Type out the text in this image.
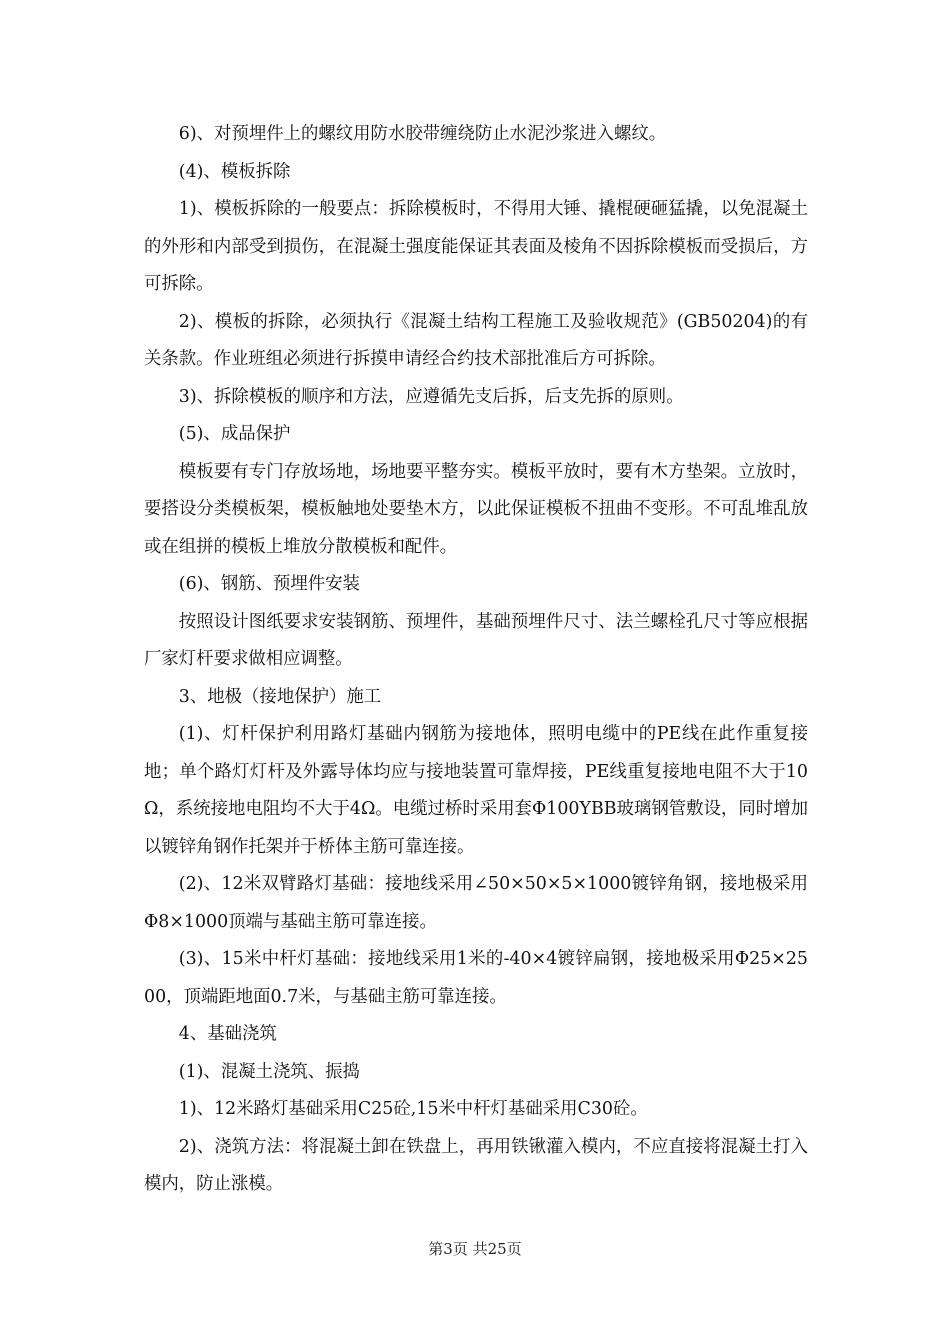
6)、对预埋件上的螺纹用防水胶带缠绕防止水泥沙浆进入螺纹。

(4)、模板拆除

1)、模板拆除的一般要点：拆除模板时，不得用大锤、撬棍硬砸猛撬，以免混凝土的外形和内部受到损伤，在混凝土强度能保证其表面及棱角不因拆除模板而受损后，方可拆除。

2)、模板的拆除，必须执行《混凝土结构工程施工及验收规范》(GB50204)的有关条款。作业班组必须进行拆摸申请经合约技术部批准后方可拆除。

3)、拆除模板的顺序和方法，应遵循先支后拆，后支先拆的原则。

(5)、成品保护

模板要有专门存放场地，场地要平整夯实。模板平放时，要有木方垫架。立放时，要搭设分类模板架，模板触地处要垫木方，以此保证模板不扭曲不变形。不可乱堆乱放或在组拼的模板上堆放分散模板和配件。

(6)、钢筋、预埋件安装

按照设计图纸要求安装钢筋、预埋件，基础预埋件尺寸、法兰螺栓孔尺寸等应根据厂家灯杆要求做相应调整。

3、地极（接地保护）施工

(1)、灯杆保护利用路灯基础内钢筋为接地体，照明电缆中的PE线在此作重复接地；单个路灯灯杆及外露导体均应与接地装置可靠焊接，PE线重复接地电阻不大于10Ω，系统接地电阻均不大于4Ω。电缆过桥时采用套Φ100YBB玻璃钢管敷设，同时增加以镀锌角钢作托架并于桥体主筋可靠连接。

(2)、12米双臂路灯基础：接地线采用∠50×50×5×1000镀锌角钢，接地极采用Φ8×1000顶端与基础主筋可靠连接。

(3)、15米中杆灯基础：接地线采用1米的-40×4镀锌扁钢，接地极采用Φ25×2500，顶端距地面0.7米，与基础主筋可靠连接。

4、基础浇筑

(1)、混凝土浇筑、振捣

1)、12米路灯基础采用C25砼,15米中杆灯基础采用C30砼。

2)、浇筑方法：将混凝土卸在铁盘上，再用铁锹灌入模内，不应直接将混凝土打入模内，防止涨模。

第3页 共25页
